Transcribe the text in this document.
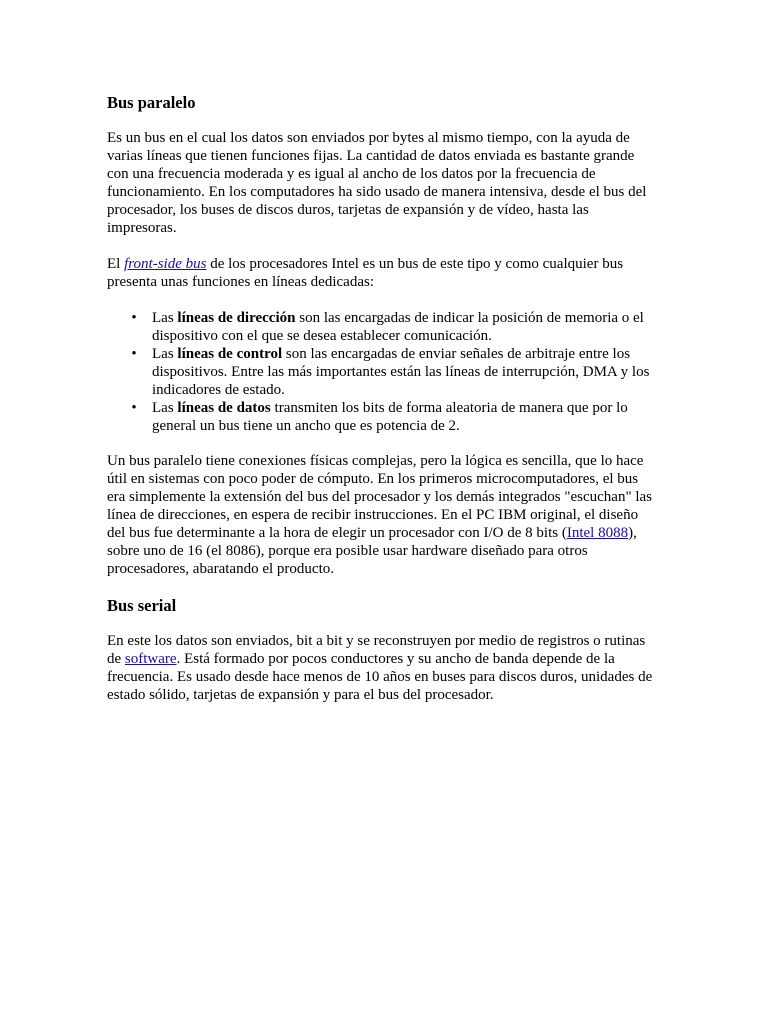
Bus paralelo

Es un bus en el cual los datos son enviados por bytes al mismo tiempo, con la ayuda de
varias líneas que tienen funciones fijas. La cantidad de datos enviada es bastante grande
con una frecuencia moderada y es igual al ancho de los datos por la frecuencia de
funcionamiento. En los computadores ha sido usado de manera intensiva, desde el bus del
procesador, los buses de discos duros, tarjetas de expansión y de vídeo, hasta las
impresoras.

El front-side bus de los procesadores Intel es un bus de este tipo y como cualquier bus
presenta unas funciones en líneas dedicadas:

• Las líneas de dirección son las encargadas de indicar la posición de memoria o el
dispositivo con el que se desea establecer comunicación.
• Las líneas de control son las encargadas de enviar señales de arbitraje entre los
dispositivos. Entre las más importantes están las líneas de interrupción, DMA y los
indicadores de estado.
• Las líneas de datos transmiten los bits de forma aleatoria de manera que por lo
general un bus tiene un ancho que es potencia de 2.

Un bus paralelo tiene conexiones físicas complejas, pero la lógica es sencilla, que lo hace
útil en sistemas con poco poder de cómputo. En los primeros microcomputadores, el bus
era simplemente la extensión del bus del procesador y los demás integrados "escuchan" las
línea de direcciones, en espera de recibir instrucciones. En el PC IBM original, el diseño
del bus fue determinante a la hora de elegir un procesador con I/O de 8 bits (Intel 8088),
sobre uno de 16 (el 8086), porque era posible usar hardware diseñado para otros
procesadores, abaratando el producto.

Bus serial

En este los datos son enviados, bit a bit y se reconstruyen por medio de registros o rutinas
de software. Está formado por pocos conductores y su ancho de banda depende de la
frecuencia. Es usado desde hace menos de 10 años en buses para discos duros, unidades de
estado sólido, tarjetas de expansión y para el bus del procesador.
